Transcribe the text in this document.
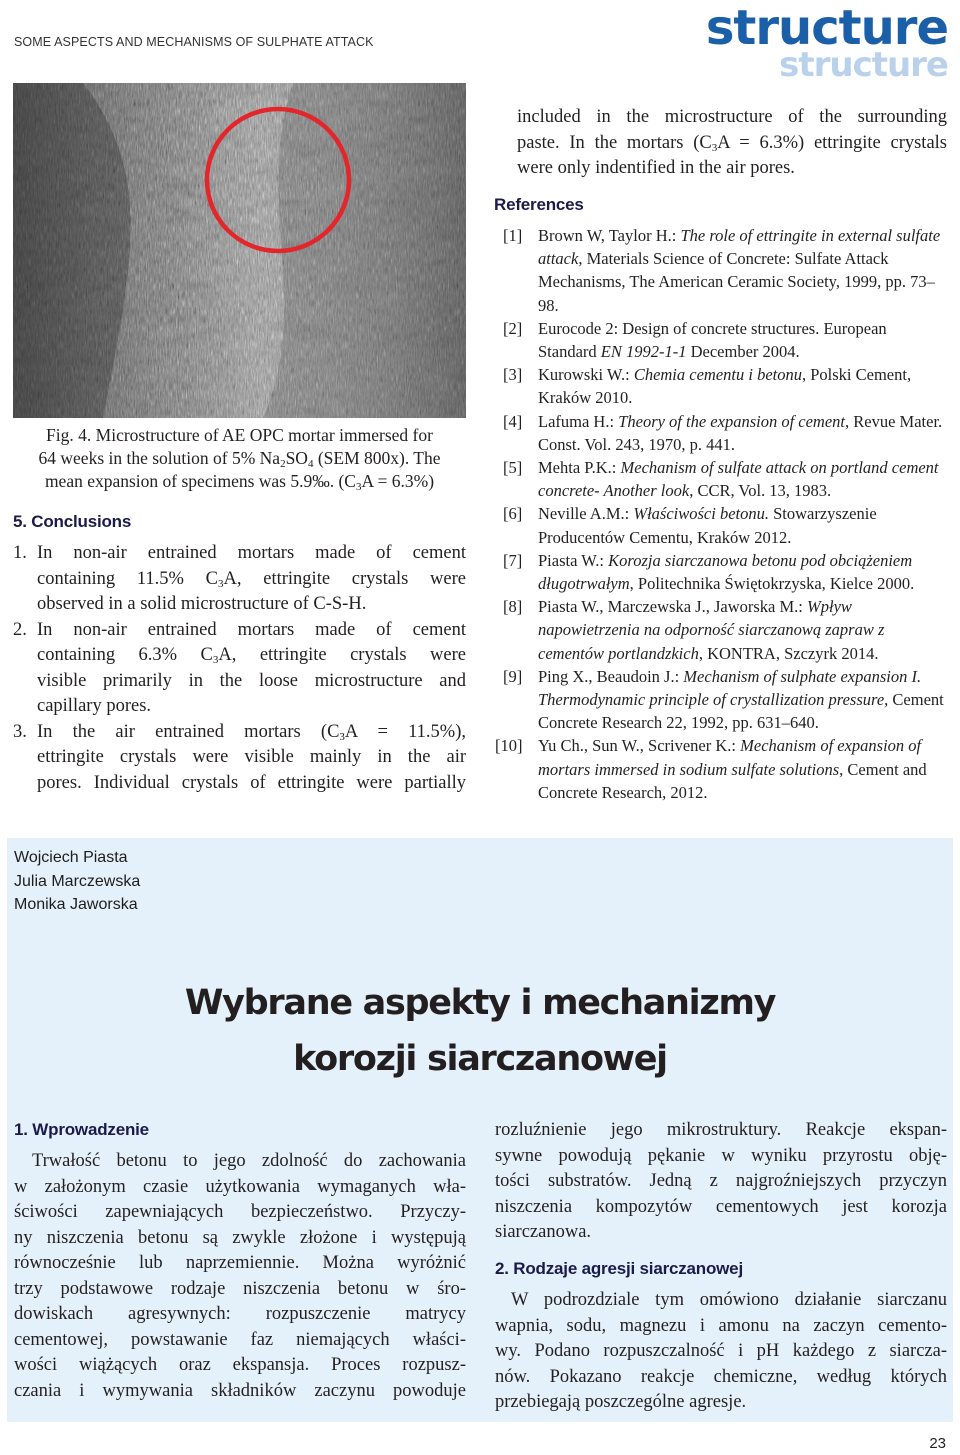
SOME ASPECTS AND MECHANISMS OF SULPHATE ATTACK
structure
structure
Fig. 4. Microstructure of AE OPC mortar immersed for
64 weeks in the solution of 5% $Na_2SO_4$ (SEM 800x). The
mean expansion of specimens was 5.9‰. $(C_3A = 6.3\%)$
5. Conclusions
1. In non-air entrained mortars made of cement
containing 11.5% $C_3A$, ettringite crystals were
observed in a solid microstructure of C-S-H.
2. In non-air entrained mortars made of cement
containing 6.3% $C_3A$, ettringite crystals were
visible primarily in the loose microstructure and
capillary pores.
3. In the air entrained mortars $(C_3A = 11.5\%)$,
ettringite crystals were visible mainly in the air
pores. Individual crystals of ettringite were partially
included in the microstructure of the surrounding
paste. In the mortars $(C_3A = 6.3\%)$ ettringite crystals
were only indentified in the air pores.
References
[1] Brown W, Taylor H.: The role of ettringite in external sulfate attack, Materials Science of Concrete: Sulfate Attack Mechanisms, The American Ceramic Society, 1999, pp. 73–98.
[2] Eurocode 2: Design of concrete structures. European Standard EN 1992-1-1 December 2004.
[3] Kurowski W.: Chemia cementu i betonu, Polski Cement, Kraków 2010.
[4] Lafuma H.: Theory of the expansion of cement, Revue Mater. Const. Vol. 243, 1970, p. 441.
[5] Mehta P.K.: Mechanism of sulfate attack on portland cement concrete- Another look, CCR, Vol. 13, 1983.
[6] Neville A.M.: Właściwości betonu. Stowarzyszenie Producentów Cementu, Kraków 2012.
[7] Piasta W.: Korozja siarczanowa betonu pod obciążeniem długotrwałym, Politechnika Świętokrzyska, Kielce 2000.
[8] Piasta W., Marczewska J., Jaworska M.: Wpływ napowietrzenia na odporność siarczanową zapraw z cementów portlandzkich, KONTRA, Szczyrk 2014.
[9] Ping X., Beaudoin J.: Mechanism of sulphate expansion I. Thermodynamic principle of crystallization pressure, Cement Concrete Research 22, 1992, pp. 631–640.
[10] Yu Ch., Sun W., Scrivener K.: Mechanism of expansion of mortars immersed in sodium sulfate solutions, Cement and Concrete Research, 2012.
Wojciech Piasta
Julia Marczewska
Monika Jaworska
Wybrane aspekty i mechanizmy
korozji siarczanowej
1. Wprowadzenie
Trwałość betonu to jego zdolność do zachowania
w założonym czasie użytkowania wymaganych wła-
ściwości zapewniających bezpieczeństwo. Przyczy-
ny niszczenia betonu są zwykle złożone i występują
równocześnie lub naprzemiennie. Można wyróżnić
trzy podstawowe rodzaje niszczenia betonu w śro-
dowiskach agresywnych: rozpuszczenie matrycy
cementowej, powstawanie faz niemających właści-
wości wiążących oraz ekspansja. Proces rozpusz-
czania i wymywania składników zaczynu powoduje
rozluźnienie jego mikrostruktury. Reakcje ekspan-
sywne powodują pękanie w wyniku przyrostu obję-
tości substratów. Jedną z najgroźniejszych przyczyn
niszczenia kompozytów cementowych jest korozja
siarczanowa.
2. Rodzaje agresji siarczanowej
W podrozdziale tym omówiono działanie siarczanu
wapnia, sodu, magnezu i amonu na zaczyn cemento-
wy. Podano rozpuszczalność i pH każdego z siarcza-
nów. Pokazano reakcje chemiczne, według których
przebiegają poszczególne agresje.
23
